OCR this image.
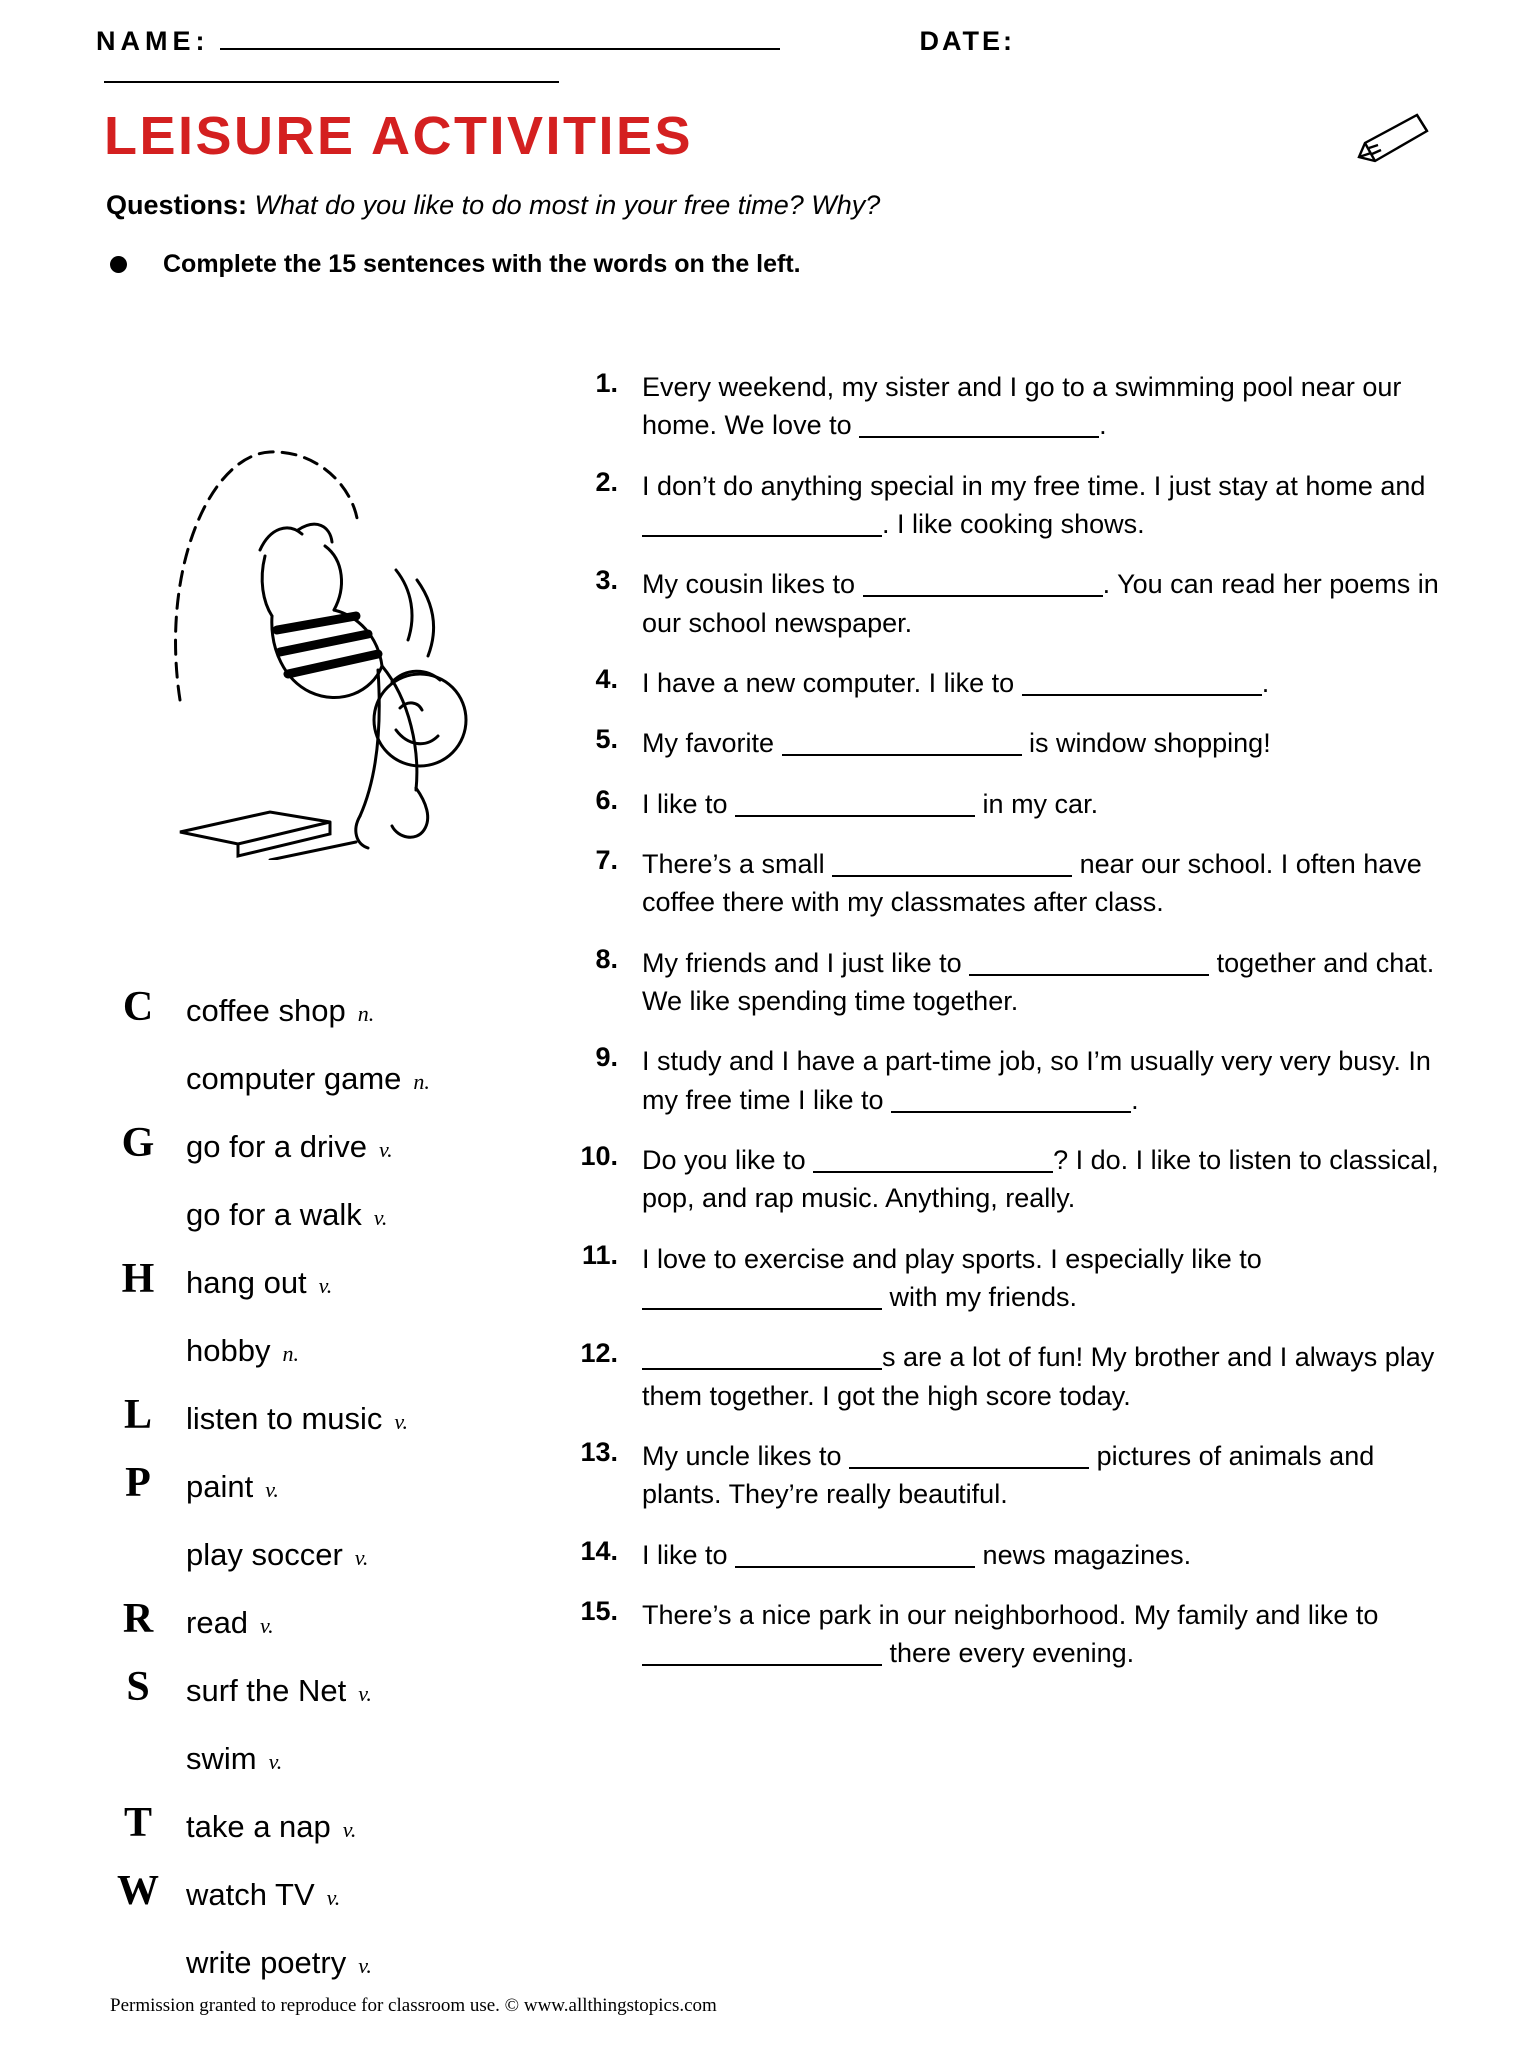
NAME:	DATE:
LEISURE ACTIVITIES
Questions: What do you like to do most in your free time? Why?
Complete the 15 sentences with the words on the left.
C	coffee shop n.
computer game n.
G	go for a drive v.
go for a walk v.
H	hang out v.
hobby n.
L	listen to music v.
P	paint v.
play soccer v.
R	read v.
S	surf the Net v.
swim v.
T	take a nap v.
W watch TV v.
write poetry v.
1. Every weekend, my sister and I go to a swimming pool near our home. We love to	.
2. I don’t do anything special in my free time. I just stay at home and . I like cooking shows.
3. My cousin likes to	. You can read her poems in our school newspaper.
4. I have a new computer. I like to	.
5. My favorite	is window shopping!
6. I like to	in my car.
7. There’s a small	near our school. I often have coffee there with my classmates after class.
8. My friends and I just like to	together and chat. We like spending time together.
9. I study and I have a part-time job, so I’m usually very very busy. In my free time I like to	.
10. Do you like to	? I do. I like to listen to classical, pop, and rap music. Anything, really.
11. I love to exercise and play sports. I especially like to  with my friends.
12.	s are a lot of fun! My brother and I always play them together. I got the high score today.
13. My uncle likes to	pictures of animals and plants. They’re really beautiful.
14. I like to	news magazines.
15. There’s a nice park in our neighborhood. My family and like to  there every evening.
Permission granted to reproduce for classroom use. © www.allthingstopics.com
